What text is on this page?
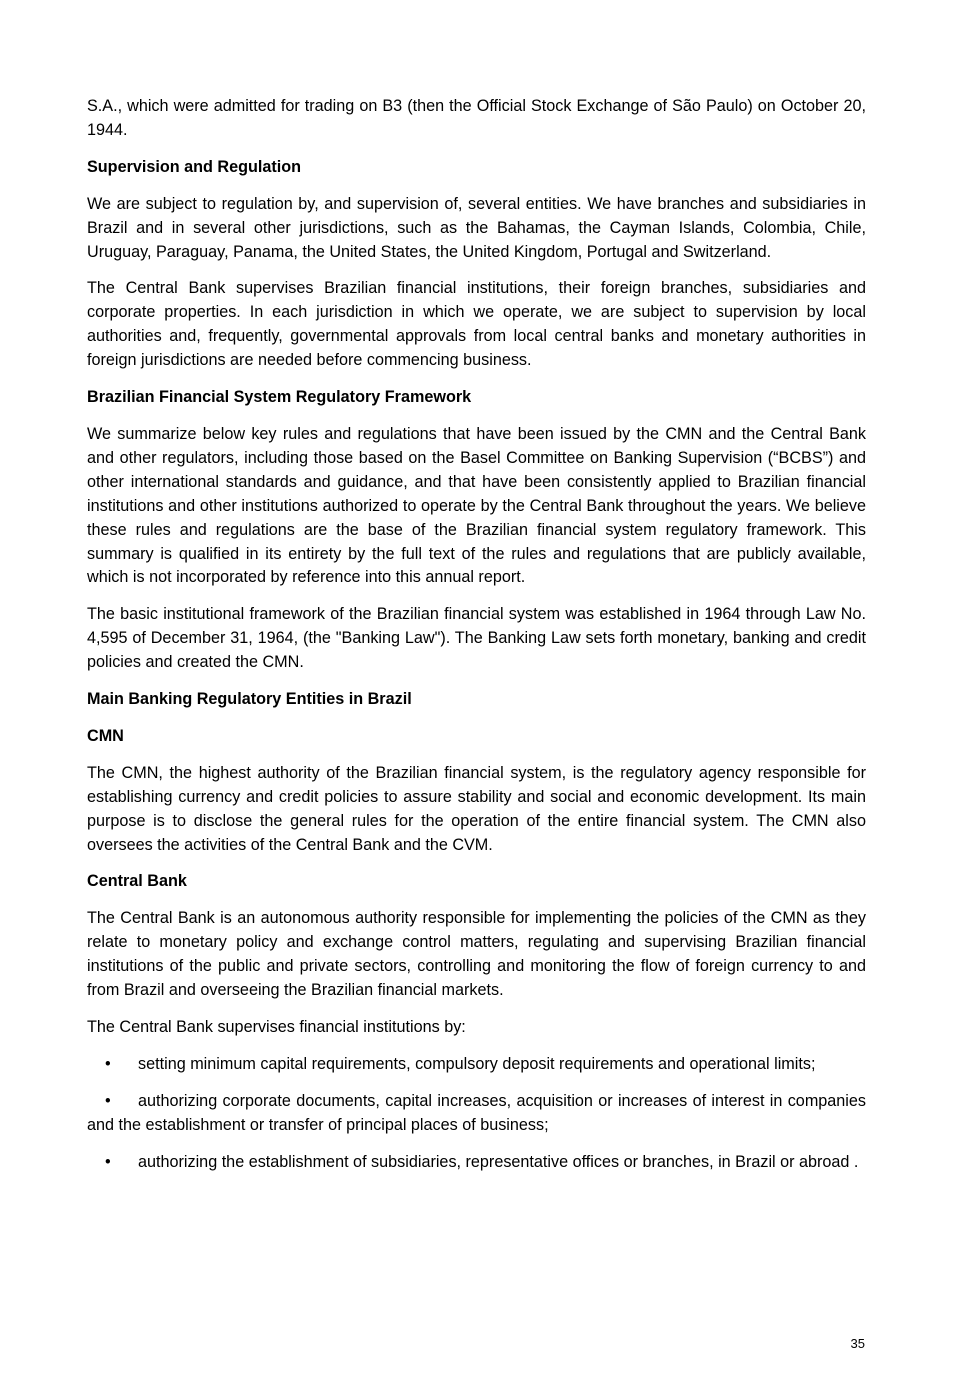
S.A., which were admitted for trading on B3 (then the Official Stock Exchange of São Paulo) on October 20, 1944.

Supervision and Regulation

We are subject to regulation by, and supervision of, several entities. We have branches and subsidiaries in Brazil and in several other jurisdictions, such as the Bahamas, the Cayman Islands, Colombia, Chile, Uruguay, Paraguay, Panama, the United States, the United Kingdom, Portugal and Switzerland.

The Central Bank supervises Brazilian financial institutions, their foreign branches, subsidiaries and corporate properties. In each jurisdiction in which we operate, we are subject to supervision by local authorities and, frequently, governmental approvals from local central banks and monetary authorities in foreign jurisdictions are needed before commencing business.

Brazilian Financial System Regulatory Framework

We summarize below key rules and regulations that have been issued by the CMN and the Central Bank and other regulators, including those based on the Basel Committee on Banking Supervision (“BCBS”) and other international standards and guidance, and that have been consistently applied to Brazilian financial institutions and other institutions authorized to operate by the Central Bank throughout the years. We believe these rules and regulations are the base of the Brazilian financial system regulatory framework. This summary is qualified in its entirety by the full text of the rules and regulations that are publicly available, which is not incorporated by reference into this annual report.

The basic institutional framework of the Brazilian financial system was established in 1964 through Law No. 4,595 of December 31, 1964, (the "Banking Law"). The Banking Law sets forth monetary, banking and credit policies and created the CMN.

Main Banking Regulatory Entities in Brazil

CMN

The CMN, the highest authority of the Brazilian financial system, is the regulatory agency responsible for establishing currency and credit policies to assure stability and social and economic development. Its main purpose is to disclose the general rules for the operation of the entire financial system. The CMN also oversees the activities of the Central Bank and the CVM.

Central Bank

The Central Bank is an autonomous authority responsible for implementing the policies of the CMN as they relate to monetary policy and exchange control matters, regulating and supervising Brazilian financial institutions of the public and private sectors, controlling and monitoring the flow of foreign currency to and from Brazil and overseeing the Brazilian financial markets.

The Central Bank supervises financial institutions by:

• setting minimum capital requirements, compulsory deposit requirements and operational limits;

• authorizing corporate documents, capital increases, acquisition or increases of interest in companies and the establishment or transfer of principal places of business;

• authorizing the establishment of subsidiaries, representative offices or branches, in Brazil or abroad .

35
